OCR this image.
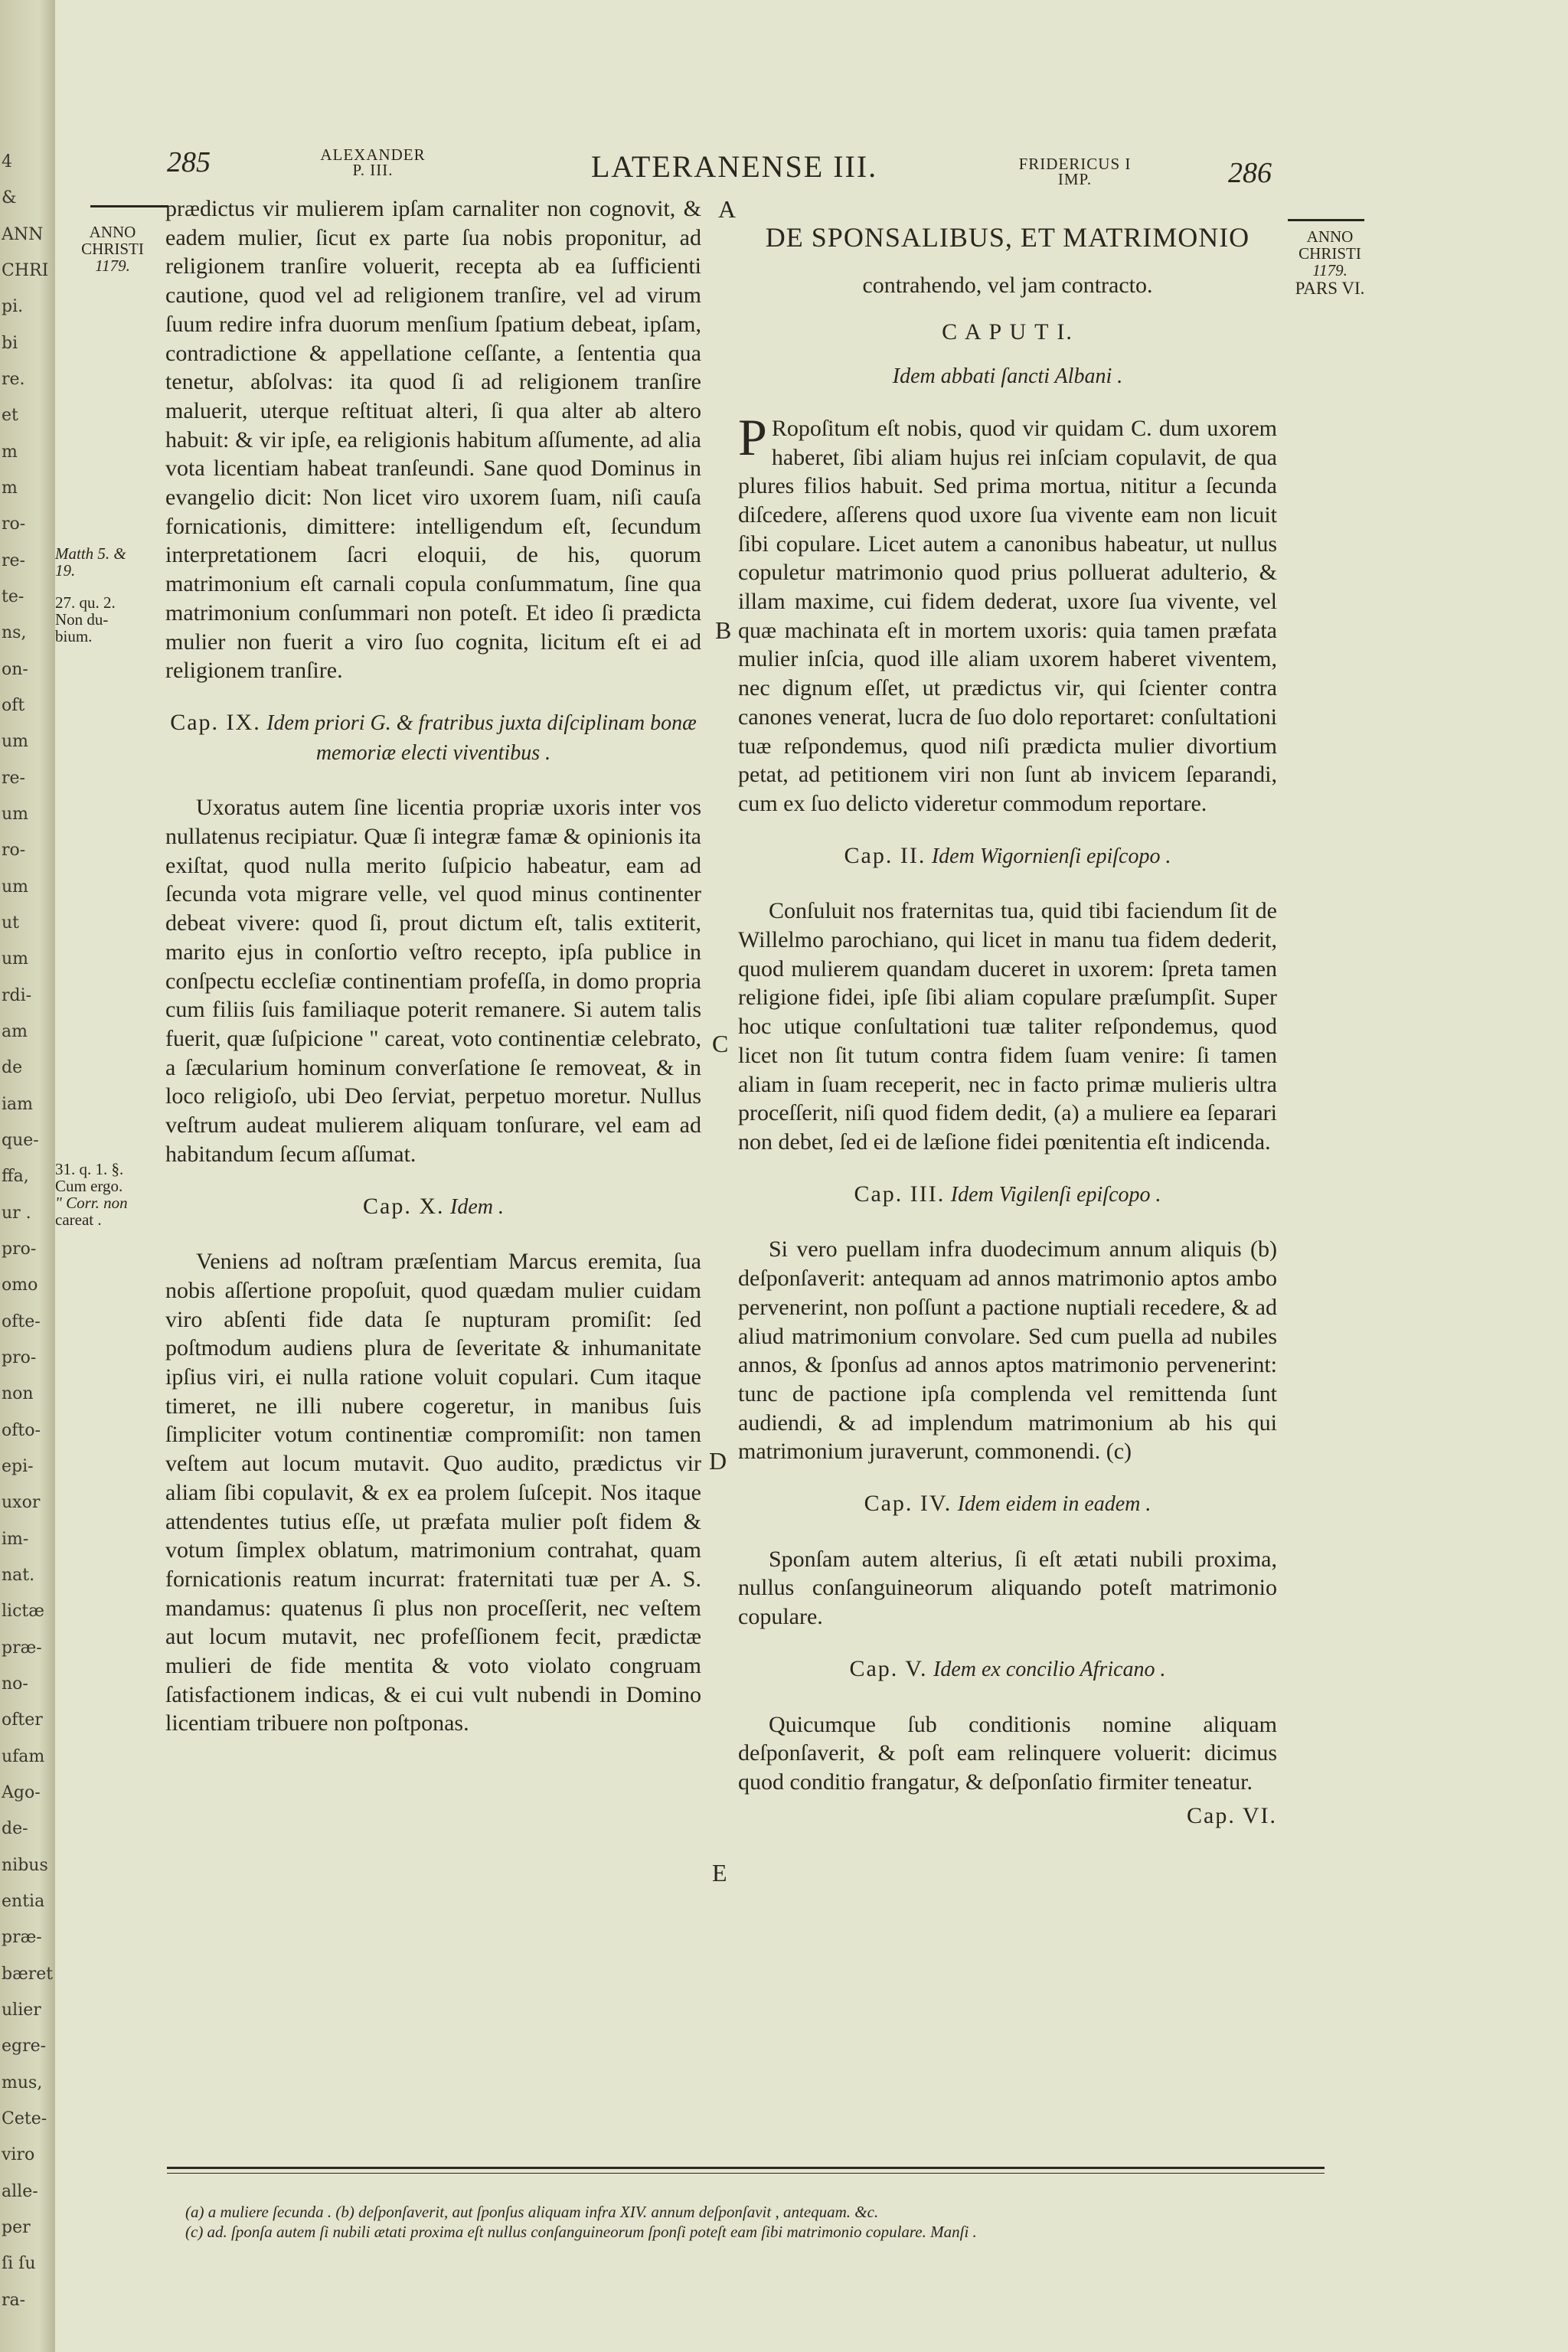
4
&
ANN
CHRI
pi.
bi
re.
et
m
m
ro-
re-
te-
ns,
on-
oft
um
re-
um
ro-
um
ut
um
rdi-
am
de
iam
que-
ffa,
ur .
pro-
omo
ofte-
pro-
non
ofto-
epi-
uxor
im-
nat.
lictæ
præ-
no-
ofter
ufam
Ago-
de-
nibus
entia
præ-
bæret
ulier
egre-
mus,
Cete-
viro
alle-
per
ſi ſu
ra-
285	ALEXANDER
P. III.	LATERANENSE III.	FRIDERICUS I
IMP.	286
ANNO
CHRISTI
1179.
Matth 5. &
19.
27. qu. 2.
Non du-
bium.
31. q. 1. §.
Cum ergo.
" Corr. non
careat .
ANNO
CHRISTI
1179.
PARS VI.
A
B
C
D
E

prædictus vir mulierem ipſam carnaliter non cognovit, & eadem mulier, ſicut ex parte ſua nobis proponitur, ad religionem tranſire voluerit, recepta ab ea ſufficienti cautione, quod vel ad religionem tranſire, vel ad virum ſuum redire infra duorum menſium ſpatium debeat, ipſam, contradictione & appellatione ceſſante, a ſententia qua tenetur, abſolvas: ita quod ſi ad religionem tranſire maluerit, uterque reſtituat alteri, ſi qua alter ab altero habuit: & vir ipſe, ea religionis habitum aſſumente, ad alia vota licentiam habeat tranſeundi. Sane quod Dominus in evangelio dicit: Non licet viro uxorem ſuam, niſi cauſa fornicationis, dimittere: intelligendum eſt, ſecundum interpretationem ſacri eloquii, de his, quorum matrimonium eſt carnali copula conſummatum, ſine qua matrimonium conſummari non poteſt. Et ideo ſi prædicta mulier non fuerit a viro ſuo cognita, licitum eſt ei ad religionem tranſire.

Cap. IX. Idem priori G. & fratribus juxta diſciplinam bonæ memoriæ electi viventibus .

Uxoratus autem ſine licentia propriæ uxoris inter vos nullatenus recipiatur. Quæ ſi integræ famæ & opinionis ita exiſtat, quod nulla merito ſuſpicio habeatur, eam ad ſecunda vota migrare velle, vel quod minus continenter debeat vivere: quod ſi, prout dictum eſt, talis extiterit, marito ejus in conſortio veſtro recepto, ipſa publice in conſpectu eccleſiæ continentiam profeſſa, in domo propria cum filiis ſuis familiaque poterit remanere. Si autem talis fuerit, quæ ſuſpicione " careat, voto continentiæ celebrato, a ſæcularium hominum converſatione ſe removeat, & in loco religioſo, ubi Deo ſerviat, perpetuo moretur. Nullus veſtrum audeat mulierem aliquam tonſurare, vel eam ad habitandum ſecum aſſumat.

Cap. X. Idem .

Veniens ad noſtram præſentiam Marcus eremita, ſua nobis aſſertione propoſuit, quod quædam mulier cuidam viro abſenti fide data ſe nupturam promiſit: ſed poſtmodum audiens plura de ſeveritate & inhumanitate ipſius viri, ei nulla ratione voluit copulari. Cum itaque timeret, ne illi nubere cogeretur, in manibus ſuis ſimpliciter votum continentiæ compromiſit: non tamen veſtem aut locum mutavit. Quo audito, prædictus vir aliam ſibi copulavit, & ex ea prolem ſuſcepit. Nos itaque attendentes tutius eſſe, ut præfata mulier poſt fidem & votum ſimplex oblatum, matrimonium contrahat, quam fornicationis reatum incurrat: fraternitati tuæ per A. S. mandamus: quatenus ſi plus non proceſſerit, nec veſtem aut locum mutavit, nec profeſſionem fecit, prædictæ mulieri de fide mentita & voto violato congruam ſatisfactionem indicas, & ei cui vult nubendi in Domino licentiam tribuere non poſtponas.

DE SPONSALIBUS, ET MATRIMONIO

contrahendo, vel jam contracto.

C A P U T I.

Idem abbati ſancti Albani .

P Ropoſitum eſt nobis, quod vir quidam C. dum uxorem haberet, ſibi aliam hujus rei inſciam copulavit, de qua plures filios habuit. Sed prima mortua, nititur a ſecunda diſcedere, aſſerens quod uxore ſua vivente eam non licuit ſibi copulare. Licet autem a canonibus habeatur, ut nullus copuletur matrimonio quod prius polluerat adulterio, & illam maxime, cui fidem dederat, uxore ſua vivente, vel quæ machinata eſt in mortem uxoris: quia tamen præfata mulier inſcia, quod ille aliam uxorem haberet viventem, nec dignum eſſet, ut prædictus vir, qui ſcienter contra canones venerat, lucra de ſuo dolo reportaret: conſultationi tuæ reſpondemus, quod niſi prædicta mulier divortium petat, ad petitionem viri non ſunt ab invicem ſeparandi, cum ex ſuo delicto videretur commodum reportare.

Cap. II. Idem Wigornienſi epiſcopo .

Conſuluit nos fraternitas tua, quid tibi faciendum ſit de Willelmo parochiano, qui licet in manu tua fidem dederit, quod mulierem quandam duceret in uxorem: ſpreta tamen religione fidei, ipſe ſibi aliam copulare præſumpſit. Super hoc utique conſultationi tuæ taliter reſpondemus, quod licet non ſit tutum contra fidem ſuam venire: ſi tamen aliam in ſuam receperit, nec in facto primæ mulieris ultra proceſſerit, niſi quod fidem dedit, (a) a muliere ea ſeparari non debet, ſed ei de læſione fidei pœnitentia eſt indicenda.

Cap. III. Idem Vigilenſi epiſcopo .

Si vero puellam infra duodecimum annum aliquis (b) deſponſaverit: antequam ad annos matrimonio aptos ambo pervenerint, non poſſunt a pactione nuptiali recedere, & ad aliud matrimonium convolare. Sed cum puella ad nubiles annos, & ſponſus ad annos aptos matrimonio pervenerint: tunc de pactione ipſa complenda vel remittenda ſunt audiendi, & ad implendum matrimonium ab his qui matrimonium juraverunt, commonendi. (c)

Cap. IV. Idem eidem in eadem .

Sponſam autem alterius, ſi eſt ætati nubili proxima, nullus conſanguineorum aliquando poteſt matrimonio copulare.

Cap. V. Idem ex concilio Africano .

Quicumque ſub conditionis nomine aliquam deſponſaverit, & poſt eam relinquere voluerit: dicimus quod conditio frangatur, & deſponſatio firmiter teneatur.

Cap. VI.

(a) a muliere ſecunda . (b) deſponſaverit, aut ſponſus aliquam infra XIV. annum deſponſavit , antequam. &c.
(c) ad. ſponſa autem ſi nubili ætati proxima eſt nullus conſanguineorum ſponſi poteſt eam ſibi matrimonio copulare. Manſi .
